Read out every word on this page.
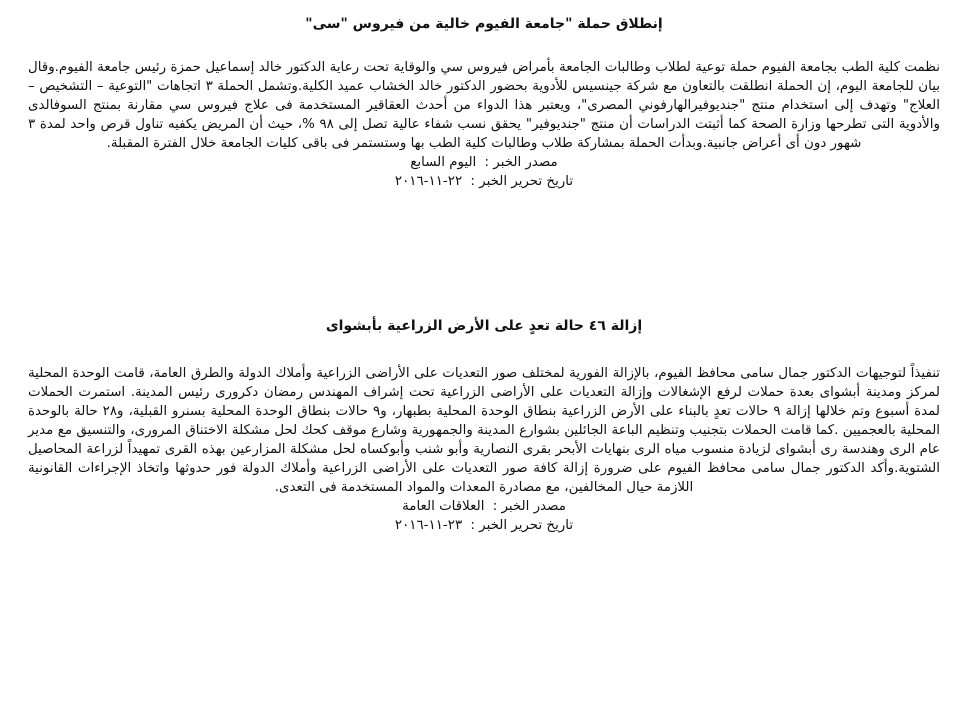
إنطلاق حملة "جامعة الفيوم خالية من فيروس "سى"

نظمت كلية الطب بجامعة الفيوم حملة توعية لطلاب وطالبات الجامعة بأمراض فيروس سي والوقاية تحت رعاية الدكتور خالد إسماعيل حمزة رئيس جامعة الفيوم.وقال بيان للجامعة اليوم، إن الحملة انطلقت بالتعاون مع شركة جينسيس للأدوية بحضور الدكتور خالد الخشاب عميد الكلية.وتشمل الحملة ٣ اتجاهات "التوعية – التشخيص – العلاج" وتهدف إلى استخدام منتج "جنديوفيرالهارفوني المصرى"، ويعتبر هذا الدواء من أحدث العقاقير المستخدمة فى علاج فيروس سي مقارنة بمنتج السوفالدى والأدوية التى تطرحها وزارة الصحة كما أثبتت الدراسات أن منتج "جنديوفير" يحقق نسب شفاء عالية تصل إلى ٩٨ %، حيث أن المريض يكفيه تناول قرص واحد لمدة ٣ شهور دون أى أعراض جانبية.وبدأت الحملة بمشاركة طلاب وطالبات كلية الطب بها وستستمر فى باقى كليات الجامعة خلال الفترة المقبلة.

مصدر الخبر : اليوم السابع

تاريخ تحرير الخبر : ٢٢-١١-٢٠١٦

إزالة ٤٦ حالة تعدٍ على الأرض الزراعية بأبشواى

تنفيذاً لتوجيهات الدكتور جمال سامى محافظ الفيوم، بالإزالة الفورية لمختلف صور التعديات على الأراضى الزراعية وأملاك الدولة والطرق العامة، قامت الوحدة المحلية لمركز ومدينة أبشواى بعدة حملات لرفع الإشغالات وإزالة التعديات على الأراضى الزراعية تحت إشراف المهندس رمضان دكرورى رئيس المدينة. استمرت الحملات لمدة أسبوع وتم خلالها إزالة ٩ حالات تعدٍ بالبناء على الأرض الزراعية بنطاق الوحدة المحلية بطبهار، و٩ حالات بنطاق الوحدة المحلية بسنرو القبلية، و٢٨ حالة بالوحدة المحلية بالعجميين .كما قامت الحملات بتجنيب وتنظيم الباعة الجائلين بشوارع المدينة والجمهورية وشارع موقف كحك لحل مشكلة الاختناق المرورى، والتنسيق مع مدير عام الرى وهندسة رى أبشواى لزيادة منسوب مياه الرى بنهايات الأبحر بقرى النصارية وأبو شنب وأبوكساه لحل مشكلة المزارعين بهذه القرى تمهيداً لزراعة المحاصيل الشتوية.وأكد الدكتور جمال سامى محافظ الفيوم على ضرورة إزالة كافة صور التعديات على الأراضى الزراعية وأملاك الدولة فور حدوثها واتخاذ الإجراءات القانونية اللازمة حيال المخالفين، مع مصادرة المعدات والمواد المستخدمة فى التعدى.

مصدر الخبر : العلاقات العامة

تاريخ تحرير الخبر : ٢٣-١١-٢٠١٦
